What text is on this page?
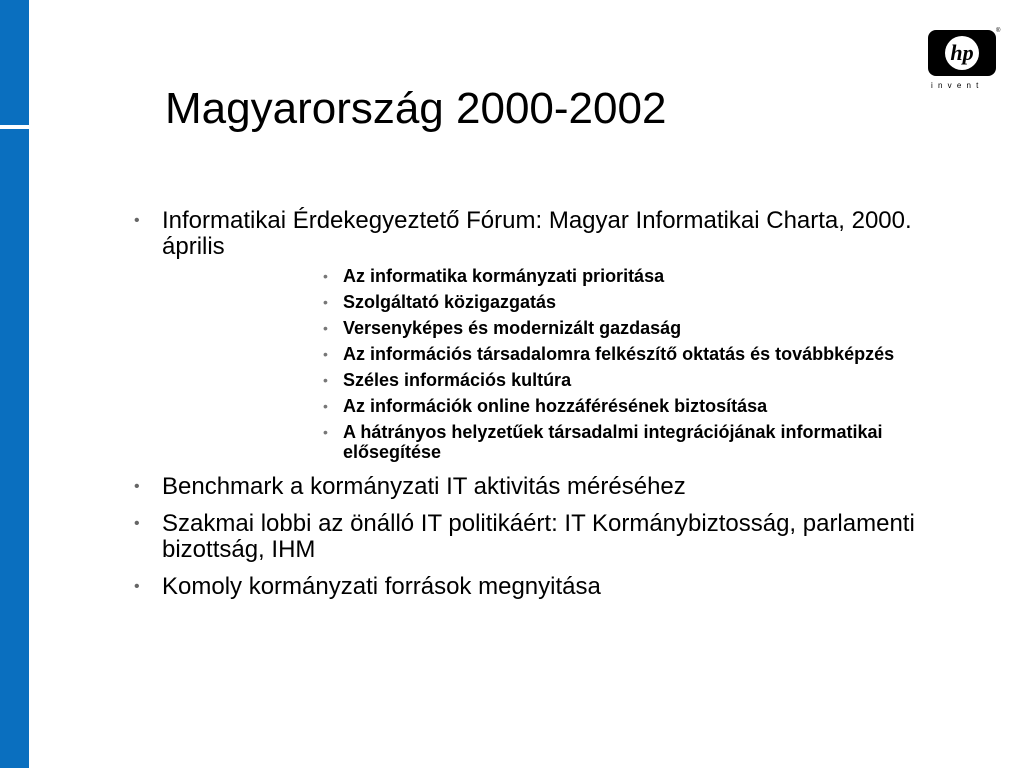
hp
®
invent
Magyarország 2000-2002
• Informatikai Érdekegyeztető Fórum: Magyar Informatikai Charta, 2000. április
• Az informatika kormányzati prioritása
• Szolgáltató közigazgatás
• Versenyképes és modernizált gazdaság
• Az információs társadalomra felkészítő oktatás és továbbképzés
• Széles információs kultúra
• Az információk online hozzáférésének biztosítása
• A hátrányos helyzetűek társadalmi integrációjának informatikai elősegítése
• Benchmark a kormányzati IT aktivitás méréséhez
• Szakmai lobbi az önálló IT politikáért: IT Kormánybiztosság, parlamenti bizottság, IHM
• Komoly kormányzati források megnyitása
